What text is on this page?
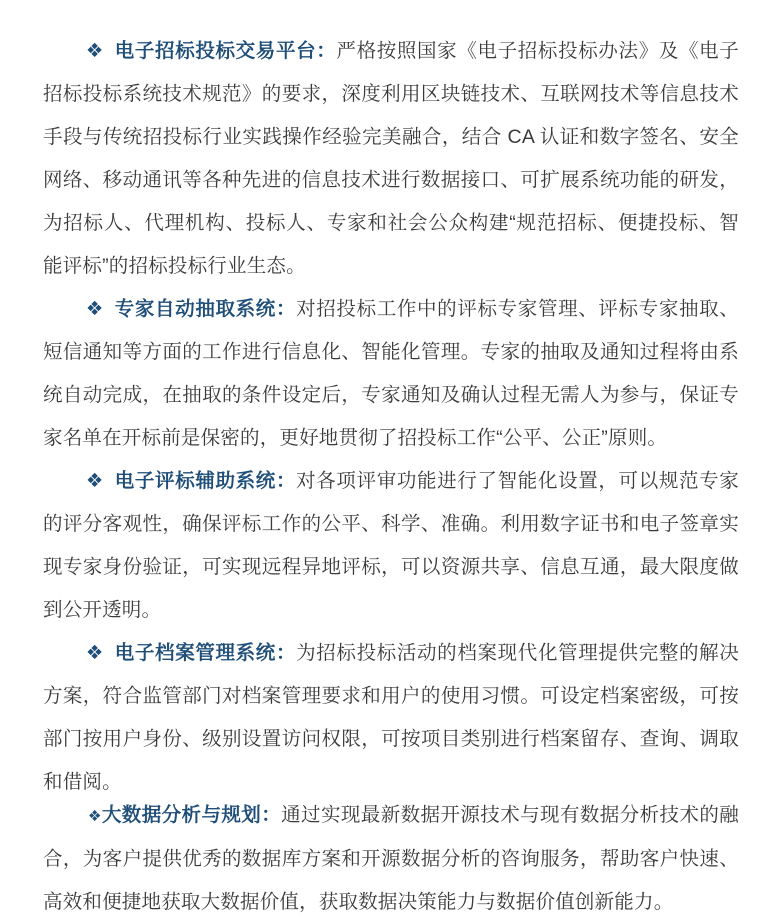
❖ 电子招标投标交易平台：严格按照国家《电子招标投标办法》及《电子招标投标系统技术规范》的要求，深度利用区块链技术、互联网技术等信息技术手段与传统招投标行业实践操作经验完美融合，结合 CA 认证和数字签名、安全网络、移动通讯等各种先进的信息技术进行数据接口、可扩展系统功能的研发，为招标人、代理机构、投标人、专家和社会公众构建“规范招标、便捷投标、智能评标”的招标投标行业生态。

❖ 专家自动抽取系统：对招投标工作中的评标专家管理、评标专家抽取、短信通知等方面的工作进行信息化、智能化管理。专家的抽取及通知过程将由系统自动完成，在抽取的条件设定后，专家通知及确认过程无需人为参与，保证专家名单在开标前是保密的，更好地贯彻了招投标工作“公平、公正”原则。

❖ 电子评标辅助系统：对各项评审功能进行了智能化设置，可以规范专家的评分客观性，确保评标工作的公平、科学、准确。利用数字证书和电子签章实现专家身份验证，可实现远程异地评标，可以资源共享、信息互通，最大限度做到公开透明。

❖ 电子档案管理系统：为招标投标活动的档案现代化管理提供完整的解决方案，符合监管部门对档案管理要求和用户的使用习惯。可设定档案密级，可按部门按用户身份、级别设置访问权限，可按项目类别进行档案留存、查询、调取和借阅。

❖大数据分析与规划：通过实现最新数据开源技术与现有数据分析技术的融合，为客户提供优秀的数据库方案和开源数据分析的咨询服务，帮助客户快速、高效和便捷地获取大数据价值，获取数据决策能力与数据价值创新能力。
